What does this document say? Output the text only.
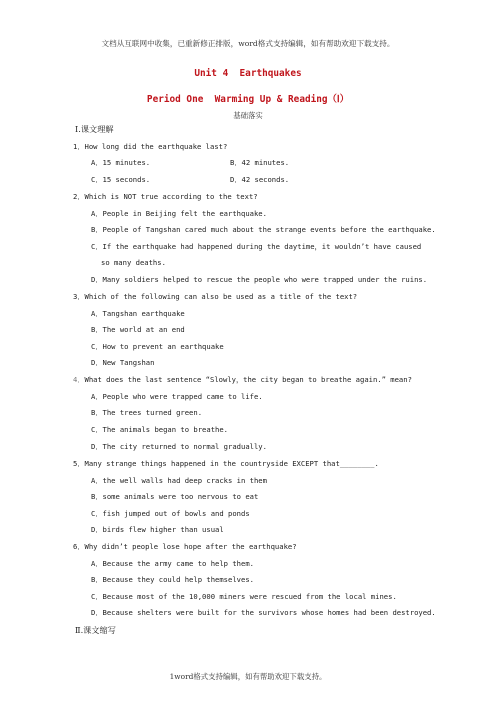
文档从互联网中收集，已重新修正排版，word格式支持编辑，如有帮助欢迎下载支持。
Unit 4  Earthquakes
Period One  Warming Up & Reading（Ⅰ）
基础落实
Ⅰ.课文理解
1．How long did the earthquake last?
A．15 minutes.	B．42 minutes.
C．15 seconds.	D．42 seconds.
2．Which is NOT true according to the text?
A．People in Beijing felt the earthquake.
B．People of Tangshan cared much about the strange events before the earthquake.
C．If the earthquake had happened during the daytime，it wouldn’t have caused
so many deaths.
D．Many soldiers helped to rescue the people who were trapped under the ruins.
3．Which of the following can also be used as a title of the text?
A．Tangshan earthquake
B．The world at an end
C．How to prevent an earthquake
D．New Tangshan
4．What does the last sentence “Slowly，the city began to breathe again.” mean?
A．People who were trapped came to life.
B．The trees turned green.
C．The animals began to breathe.
D．The city returned to normal gradually.
5．Many strange things happened in the countryside EXCEPT that________.
A．the well walls had deep cracks in them
B．some animals were too nervous to eat
C．fish jumped out of bowls and ponds
D．birds flew higher than usual
6．Why didn’t people lose hope after the earthquake?
A．Because the army came to help them.
B．Because they could help themselves.
C．Because most of the 10,000 miners were rescued from the local mines.
D．Because shelters were built for the survivors whose homes had been destroyed.
Ⅱ.课文缩写
1word格式支持编辑，如有帮助欢迎下载支持。
